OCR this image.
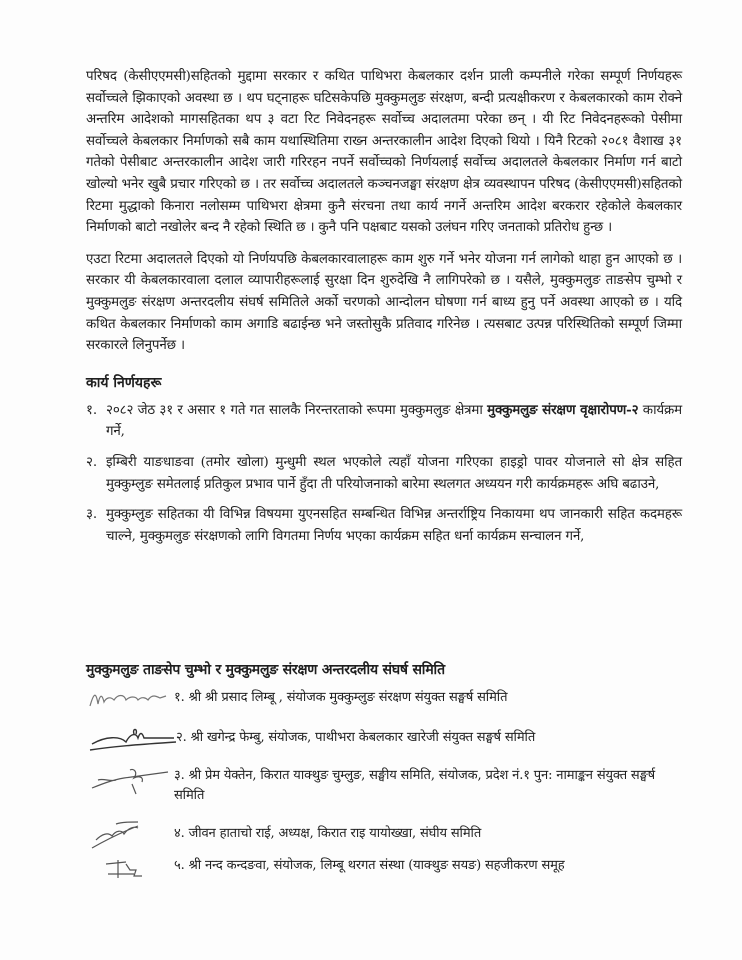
परिषद (केसीएएमसी)सहितको मुद्दामा सरकार र कथित पाथिभरा केबलकार दर्शन प्राली कम्पनीले गरेका सम्पूर्ण निर्णयहरू सर्वोच्चले झिकाएको अवस्था छ । थप घट्नाहरू घटिसकेपछि मुक्कुमलुङ संरक्षण, बन्दी प्रत्यक्षीकरण र केबलकारको काम रोक्ने अन्तरिम आदेशको मागसहितका थप ३ वटा रिट निवेदनहरू सर्वोच्च अदालतमा परेका छन् । यी रिट निवेदनहरूको पेसीमा सर्वोच्चले केबलकार निर्माणको सबै काम यथास्थितिमा राख्न अन्तरकालीन आदेश दिएको थियो । यिनै रिटको २०८१ वैशाख ३१ गतेको पेसीबाट अन्तरकालीन आदेश जारी गरिरहन नपर्ने सर्वोच्चको निर्णयलाई सर्वोच्च अदालतले केबलकार निर्माण गर्न बाटो खोल्यो भनेर खुबै प्रचार गरिएको छ । तर सर्वोच्च अदालतले कञ्चनजङ्घा संरक्षण क्षेत्र व्यवस्थापन परिषद (केसीएएमसी)सहितको रिटमा मुद्धाको किनारा नलोसम्म पाथिभरा क्षेत्रमा कुनै संरचना तथा कार्य नगर्ने अन्तरिम आदेश बरकरार रहेकोले केबलकार निर्माणको बाटो नखोलेर बन्द नै रहेको स्थिति छ । कुनै पनि पक्षबाट यसको उलंघन गरिए जनताको प्रतिरोध हुन्छ ।

एउटा रिटमा अदालतले दिएको यो निर्णयपछि केबलकारवालाहरू काम शुरु गर्ने भनेर योजना गर्न लागेको थाहा हुन आएको छ । सरकार यी केबलकारवाला दलाल व्यापारीहरूलाई सुरक्षा दिन शुरुदेखि नै लागिपरेको छ । यसैले, मुक्कुमलुङ ताङसेप चुम्भो र मुक्कुमलुङ संरक्षण अन्तरदलीय संघर्ष समितिले अर्को चरणको आन्दोलन घोषणा गर्न बाध्य हुनु पर्ने अवस्था आएको छ । यदि कथित केबलकार निर्माणको काम अगाडि बढाईन्छ भने जस्तोसुकै प्रतिवाद गरिनेछ । त्यसबाट उत्पन्न परिस्थितिको सम्पूर्ण जिम्मा सरकारले लिनुपर्नेछ ।

कार्य निर्णयहरू
१. २०८२ जेठ ३१ र असार १ गते गत सालकै निरन्तरताको रूपमा मुक्कुमलुङ क्षेत्रमा मुक्कुमलुङ संरक्षण वृक्षारोपण-२ कार्यक्रम गर्ने,
२. इम्बिरी याङधाङवा (तमोर खोला) मुन्धुमी स्थल भएकोले त्यहाँ योजना गरिएका हाइड्रो पावर योजनाले सो क्षेत्र सहित मुक्कुम्लुङ समेतलाई प्रतिकुल प्रभाव पार्ने हुँदा ती परियोजनाको बारेमा स्थलगत अध्ययन गरी कार्यक्रमहरू अघि बढाउने,
३. मुक्कुम्लुङ सहितका यी विभिन्न विषयमा युएनसहित सम्बन्धित विभिन्न अन्तर्राष्ट्रिय निकायमा थप जानकारी सहित कदमहरू चाल्ने, मुक्कुमलुङ संरक्षणको लागि विगतमा निर्णय भएका कार्यक्रम सहित धर्ना कार्यक्रम सन्चालन गर्ने,
मुक्कुमलुङ ताङसेप चुम्भो र मुक्कुमलुङ संरक्षण अन्तरदलीय संघर्ष समिति
१. श्री श्री प्रसाद लिम्बू , संयोजक मुक्कुम्लुङ संरक्षण संयुक्त सङ्घर्ष समिति
२. श्री खगेन्द्र फेम्बु, संयोजक, पाथीभरा केबलकार खारेजी संयुक्त सङ्घर्ष समिति
३. श्री प्रेम येक्तेन, किरात याक्थुङ चुम्लुङ, सङ्घीय समिति, संयोजक, प्रदेश नं.१ पुन: नामाङ्कन संयुक्त सङ्घर्ष समिति
४. जीवन हाताचो राई, अध्यक्ष, किरात राइ यायोख्खा, संघीय समिति
५. श्री नन्द कन्दङवा, संयोजक, लिम्बू थरगत संस्था (याक्थुङ सयङ) सहजीकरण समूह
